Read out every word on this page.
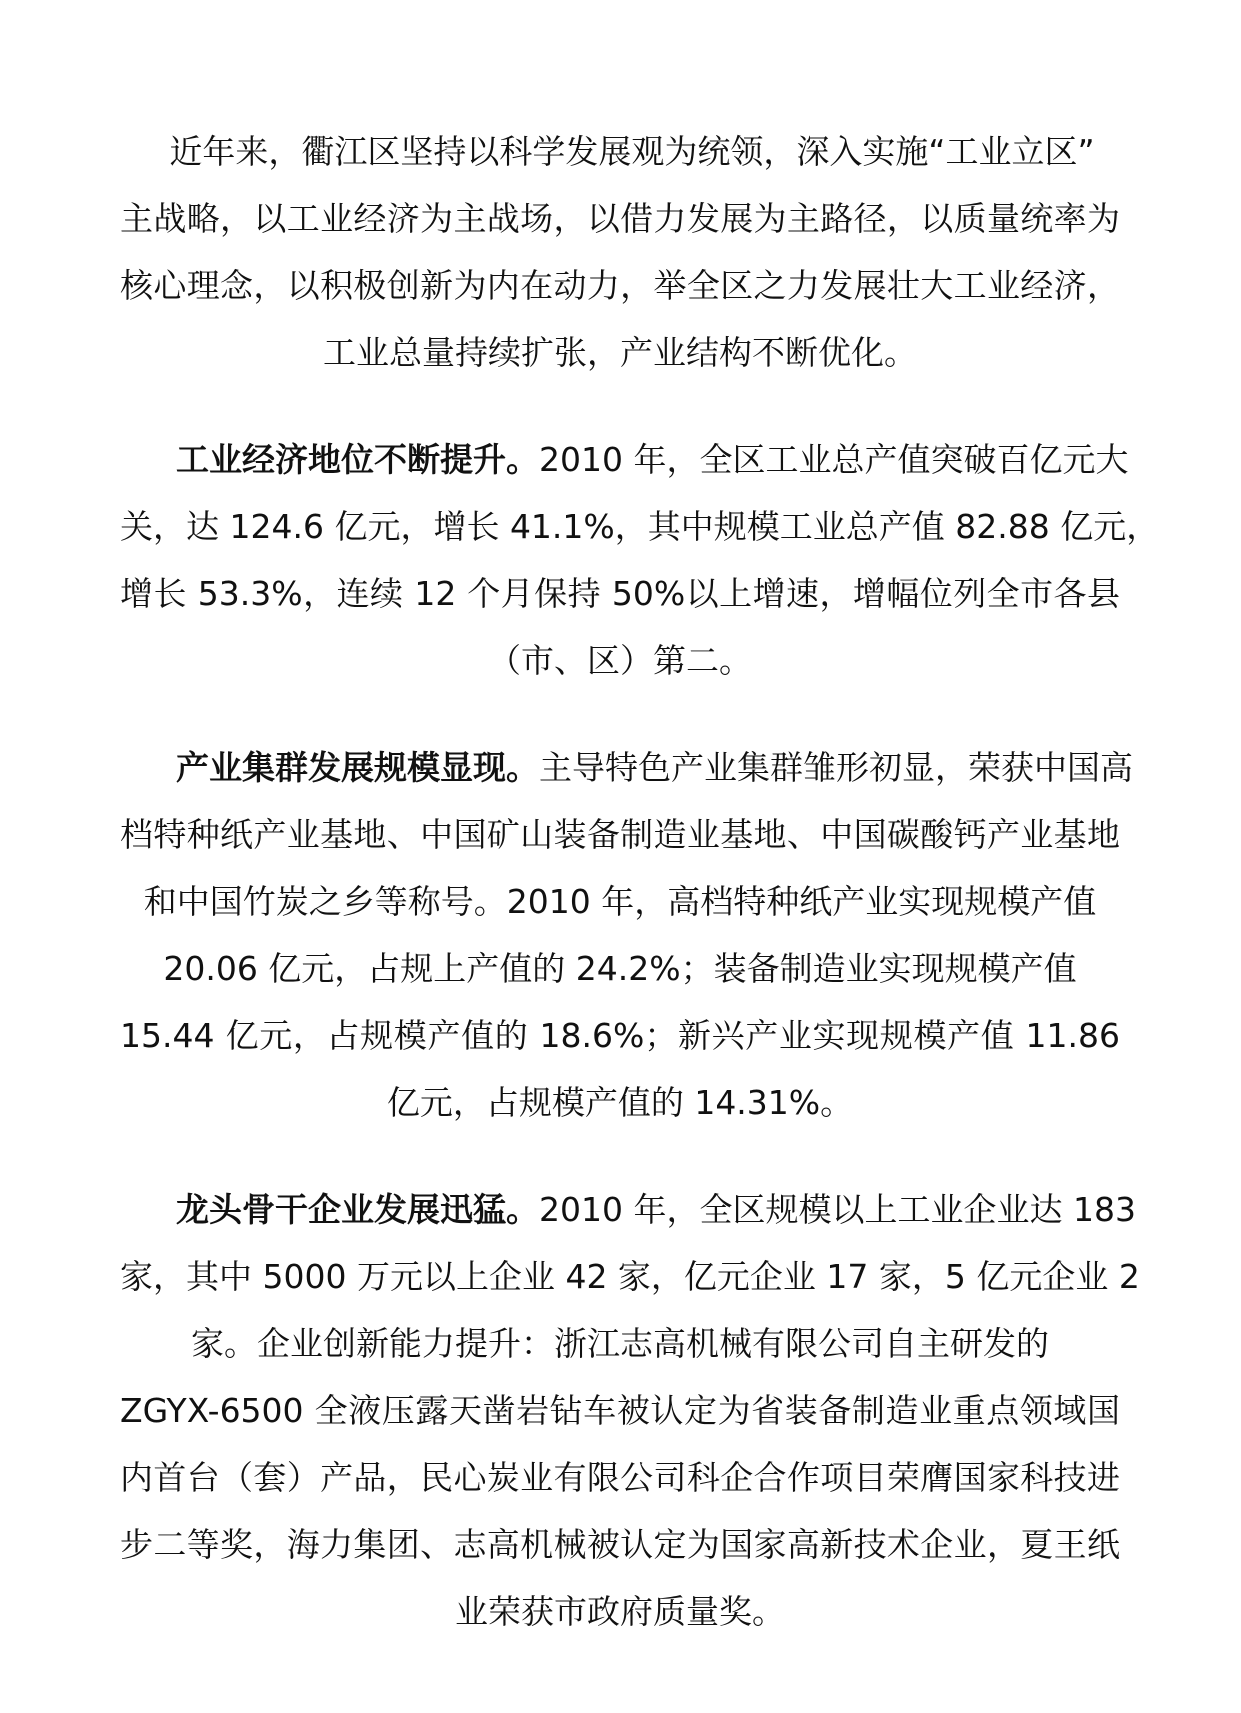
近年来，衢江区坚持以科学发展观为统领，深入实施“工业立区”
主战略，以工业经济为主战场，以借力发展为主路径，以质量统率为
核心理念，以积极创新为内在动力，举全区之力发展壮大工业经济，
工业总量持续扩张，产业结构不断优化。
工业经济地位不断提升。2010 年，全区工业总产值突破百亿元大
关，达 124.6 亿元，增长 41.1%，其中规模工业总产值 82.88 亿元，
增长 53.3%，连续 12 个月保持 50%以上增速，增幅位列全市各县
（市、区）第二。
产业集群发展规模显现。主导特色产业集群雏形初显，荣获中国高
档特种纸产业基地、中国矿山装备制造业基地、中国碳酸钙产业基地
和中国竹炭之乡等称号。2010 年，高档特种纸产业实现规模产值
20.06 亿元，占规上产值的 24.2%；装备制造业实现规模产值
15.44 亿元，占规模产值的 18.6%；新兴产业实现规模产值 11.86
亿元，占规模产值的 14.31%。
龙头骨干企业发展迅猛。2010 年，全区规模以上工业企业达 183
家，其中 5000 万元以上企业 42 家，亿元企业 17 家，5 亿元企业 2
家。企业创新能力提升：浙江志高机械有限公司自主研发的
ZGYX-6500 全液压露天凿岩钻车被认定为省装备制造业重点领域国
内首台（套）产品，民心炭业有限公司科企合作项目荣膺国家科技进
步二等奖，海力集团、志高机械被认定为国家高新技术企业，夏王纸
业荣获市政府质量奖。
